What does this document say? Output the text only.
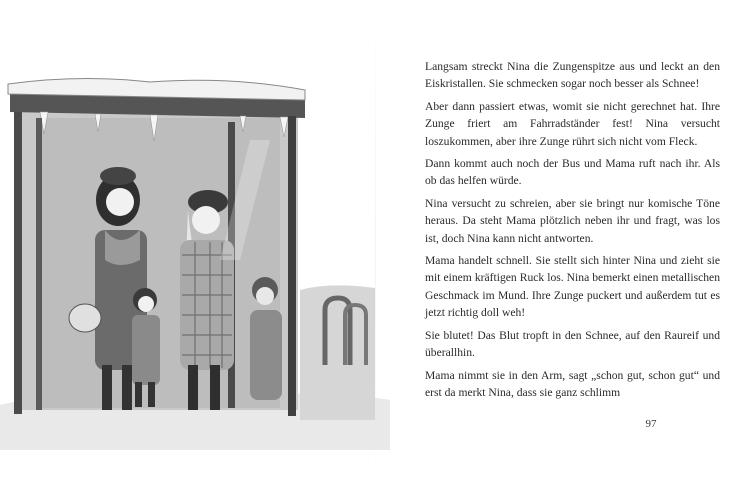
Langsam streckt Nina die Zungenspitze aus und leckt an den Eiskristallen. Sie schmecken sogar noch besser als Schnee!

Aber dann passiert etwas, womit sie nicht gerechnet hat. Ihre Zunge friert am Fahrradständer fest! Nina versucht loszukommen, aber ihre Zunge rührt sich nicht vom Fleck.

Dann kommt auch noch der Bus und Mama ruft nach ihr. Als ob das helfen würde.

Nina versucht zu schreien, aber sie bringt nur komische Töne heraus. Da steht Mama plötzlich neben ihr und fragt, was los ist, doch Nina kann nicht antworten.

Mama handelt schnell. Sie stellt sich hinter Nina und zieht sie mit einem kräftigen Ruck los. Nina bemerkt einen metallischen Geschmack im Mund. Ihre Zunge puckert und außerdem tut es jetzt richtig doll weh!

Sie blutet! Das Blut tropft in den Schnee, auf den Raureif und überallhin.

Mama nimmt sie in den Arm, sagt „schon gut, schon gut“ und erst da merkt Nina, dass sie ganz schlimm

97
